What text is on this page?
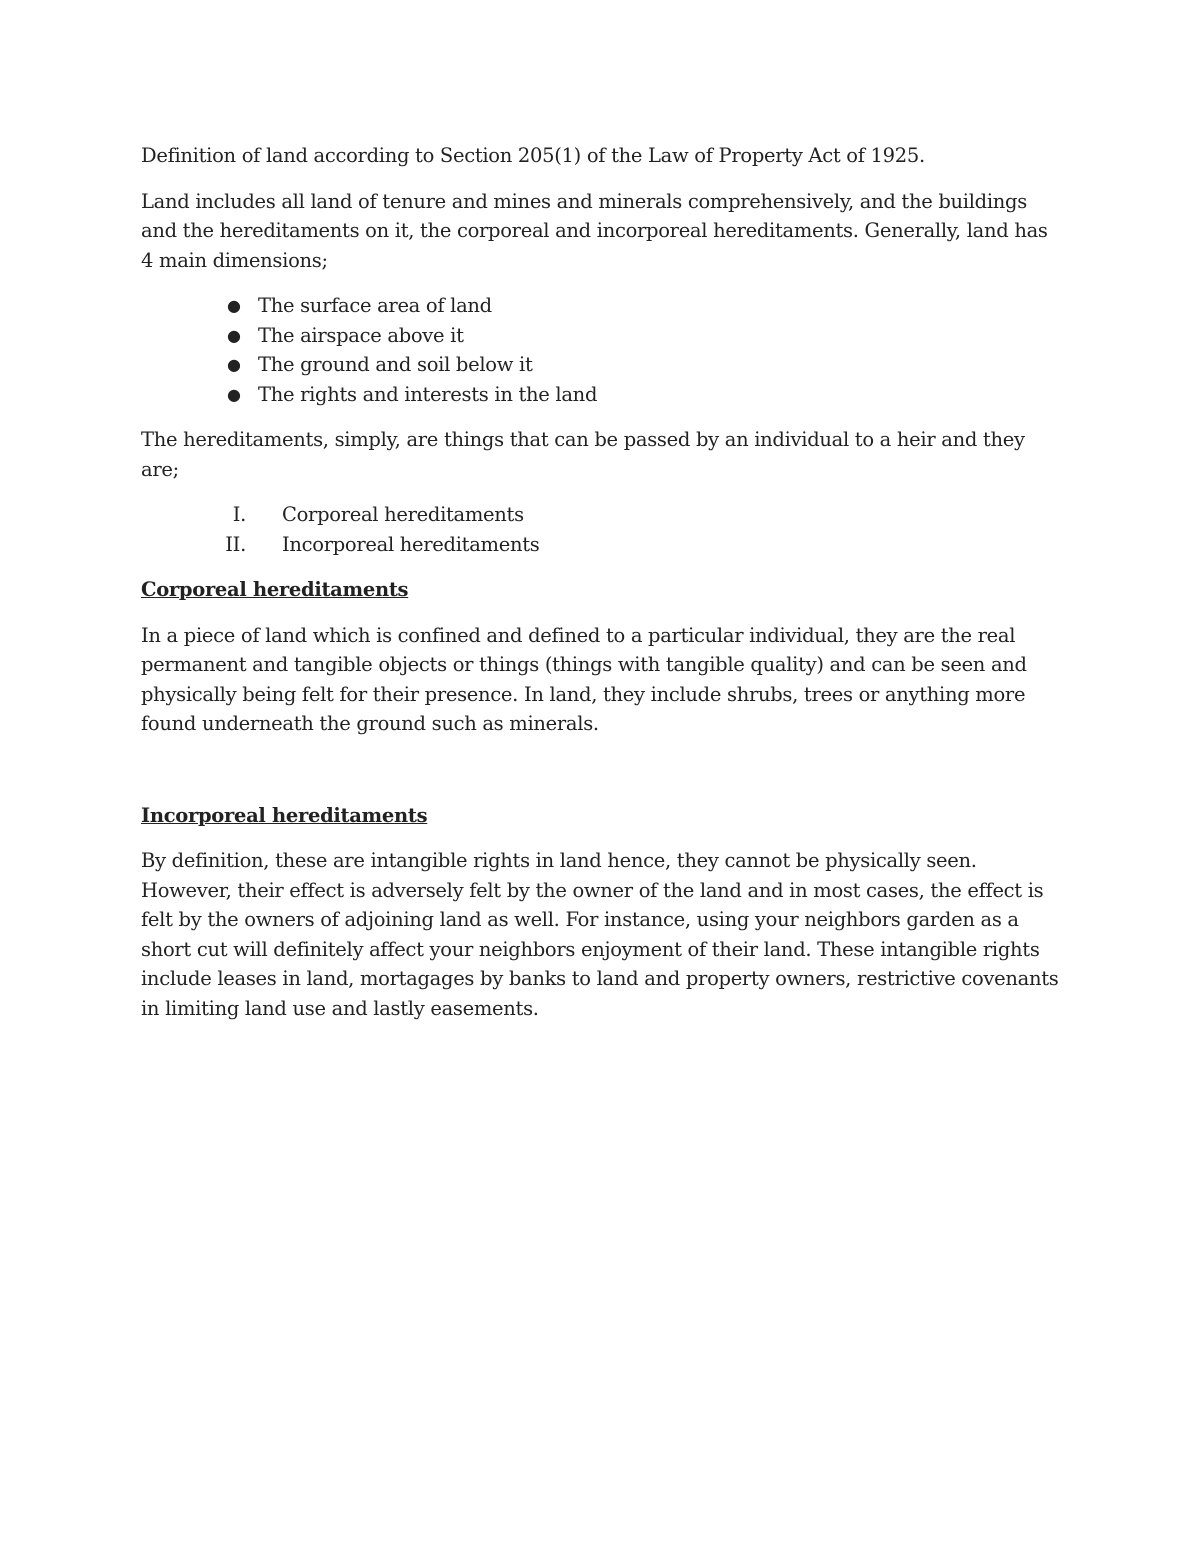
Definition of land according to Section 205(1) of the Law of Property Act of 1925.

Land includes all land of tenure and mines and minerals comprehensively, and the buildings and the hereditaments on it, the corporeal and incorporeal hereditaments. Generally, land has 4 main dimensions;

● The surface area of land
● The airspace above it
● The ground and soil below it
● The rights and interests in the land

The hereditaments, simply, are things that can be passed by an individual to a heir and they are;

I. Corporeal hereditaments
II. Incorporeal hereditaments
Corporeal hereditaments

In a piece of land which is confined and defined to a particular individual, they are the real permanent and tangible objects or things (things with tangible quality) and can be seen and physically being felt for their presence. In land, they include shrubs, trees or anything more found underneath the ground such as minerals.

Incorporeal hereditaments

By definition, these are intangible rights in land hence, they cannot be physically seen. However, their effect is adversely felt by the owner of the land and in most cases, the effect is felt by the owners of adjoining land as well. For instance, using your neighbors garden as a short cut will definitely affect your neighbors enjoyment of their land. These intangible rights include leases in land, mortagages by banks to land and property owners, restrictive covenants in limiting land use and lastly easements.
